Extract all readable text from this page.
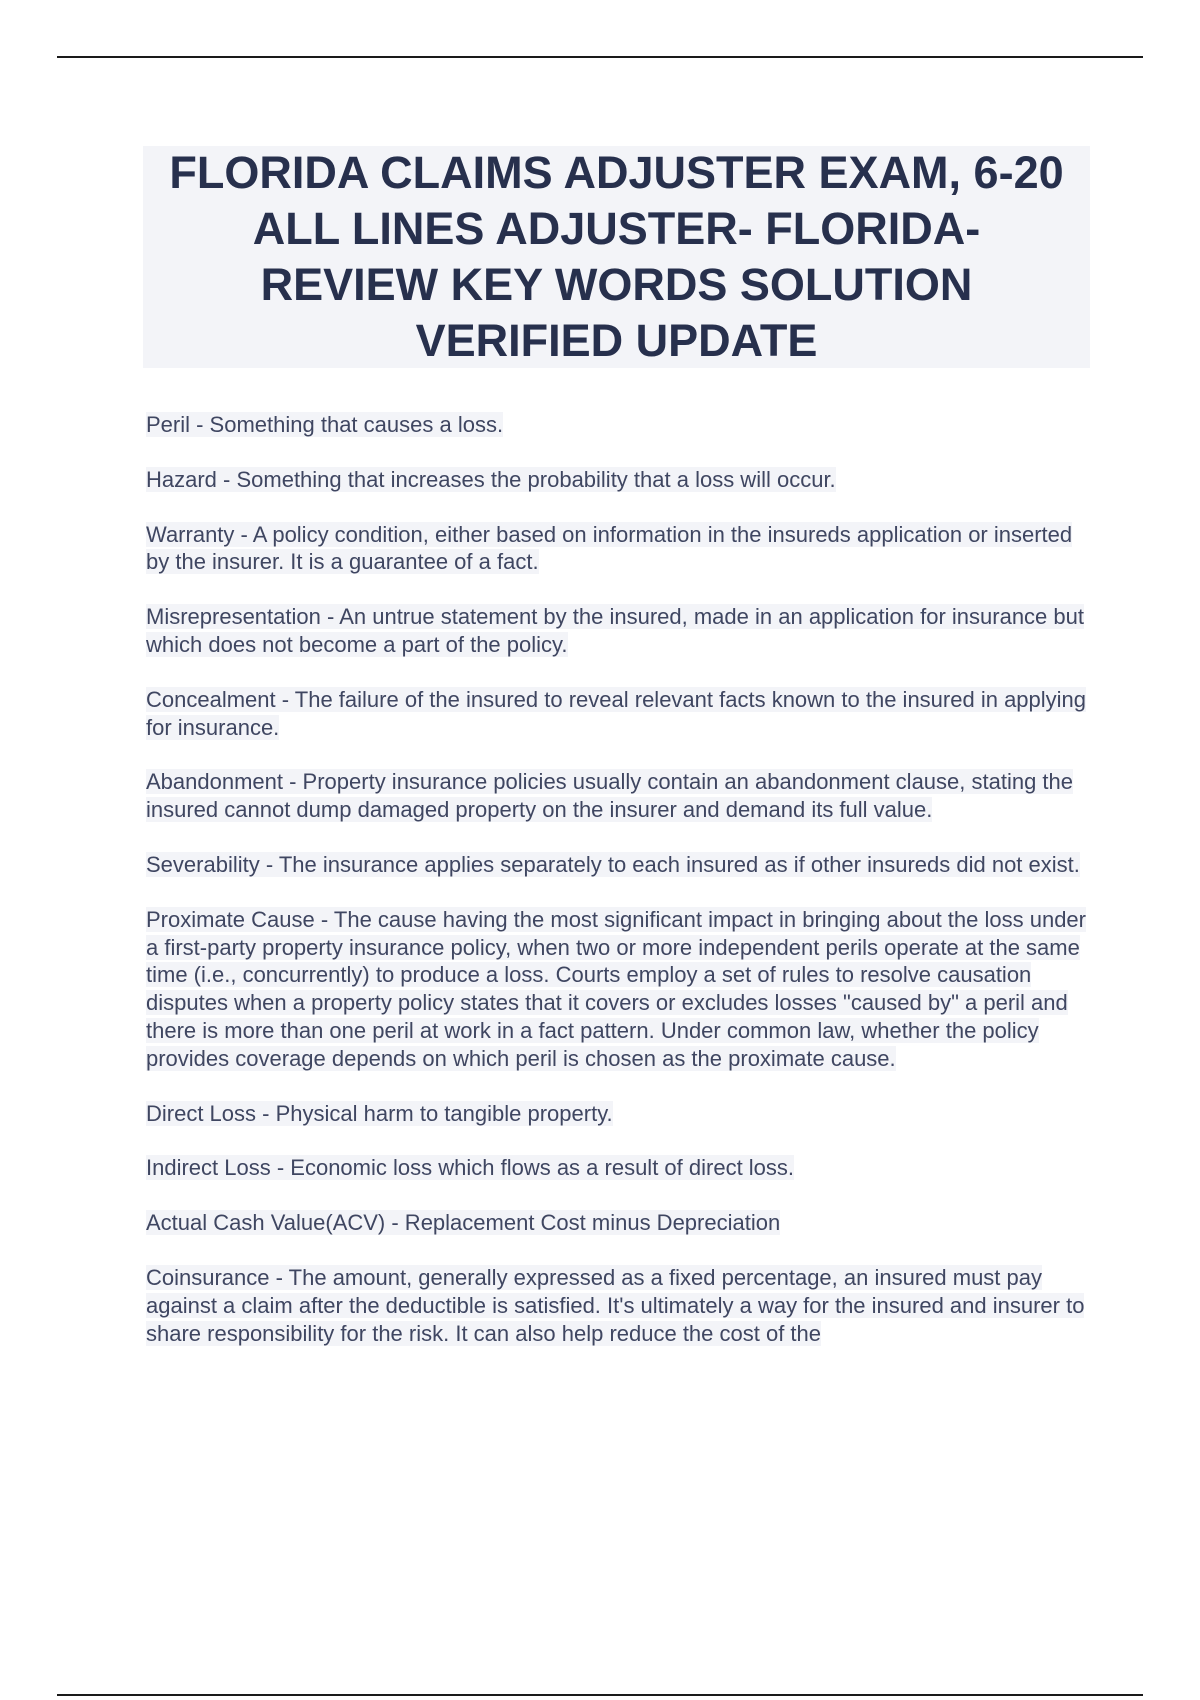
FLORIDA CLAIMS ADJUSTER EXAM, 6-20 ALL LINES ADJUSTER- FLORIDA-REVIEW KEY WORDS SOLUTION VERIFIED UPDATE

Peril - Something that causes a loss.

Hazard - Something that increases the probability that a loss will occur.

Warranty - A policy condition, either based on information in the insureds application or inserted by the insurer. It is a guarantee of a fact.

Misrepresentation - An untrue statement by the insured, made in an application for insurance but which does not become a part of the policy.

Concealment - The failure of the insured to reveal relevant facts known to the insured in applying for insurance.

Abandonment - Property insurance policies usually contain an abandonment clause, stating the insured cannot dump damaged property on the insurer and demand its full value.

Severability - The insurance applies separately to each insured as if other insureds did not exist.

Proximate Cause - The cause having the most significant impact in bringing about the loss under a first-party property insurance policy, when two or more independent perils operate at the same time (i.e., concurrently) to produce a loss. Courts employ a set of rules to resolve causation disputes when a property policy states that it covers or excludes losses "caused by" a peril and there is more than one peril at work in a fact pattern. Under common law, whether the policy provides coverage depends on which peril is chosen as the proximate cause.

Direct Loss - Physical harm to tangible property.

Indirect Loss - Economic loss which flows as a result of direct loss.

Actual Cash Value(ACV) - Replacement Cost minus Depreciation

Coinsurance - The amount, generally expressed as a fixed percentage, an insured must pay against a claim after the deductible is satisfied. It's ultimately a way for the insured and insurer to share responsibility for the risk. It can also help reduce the cost of the
